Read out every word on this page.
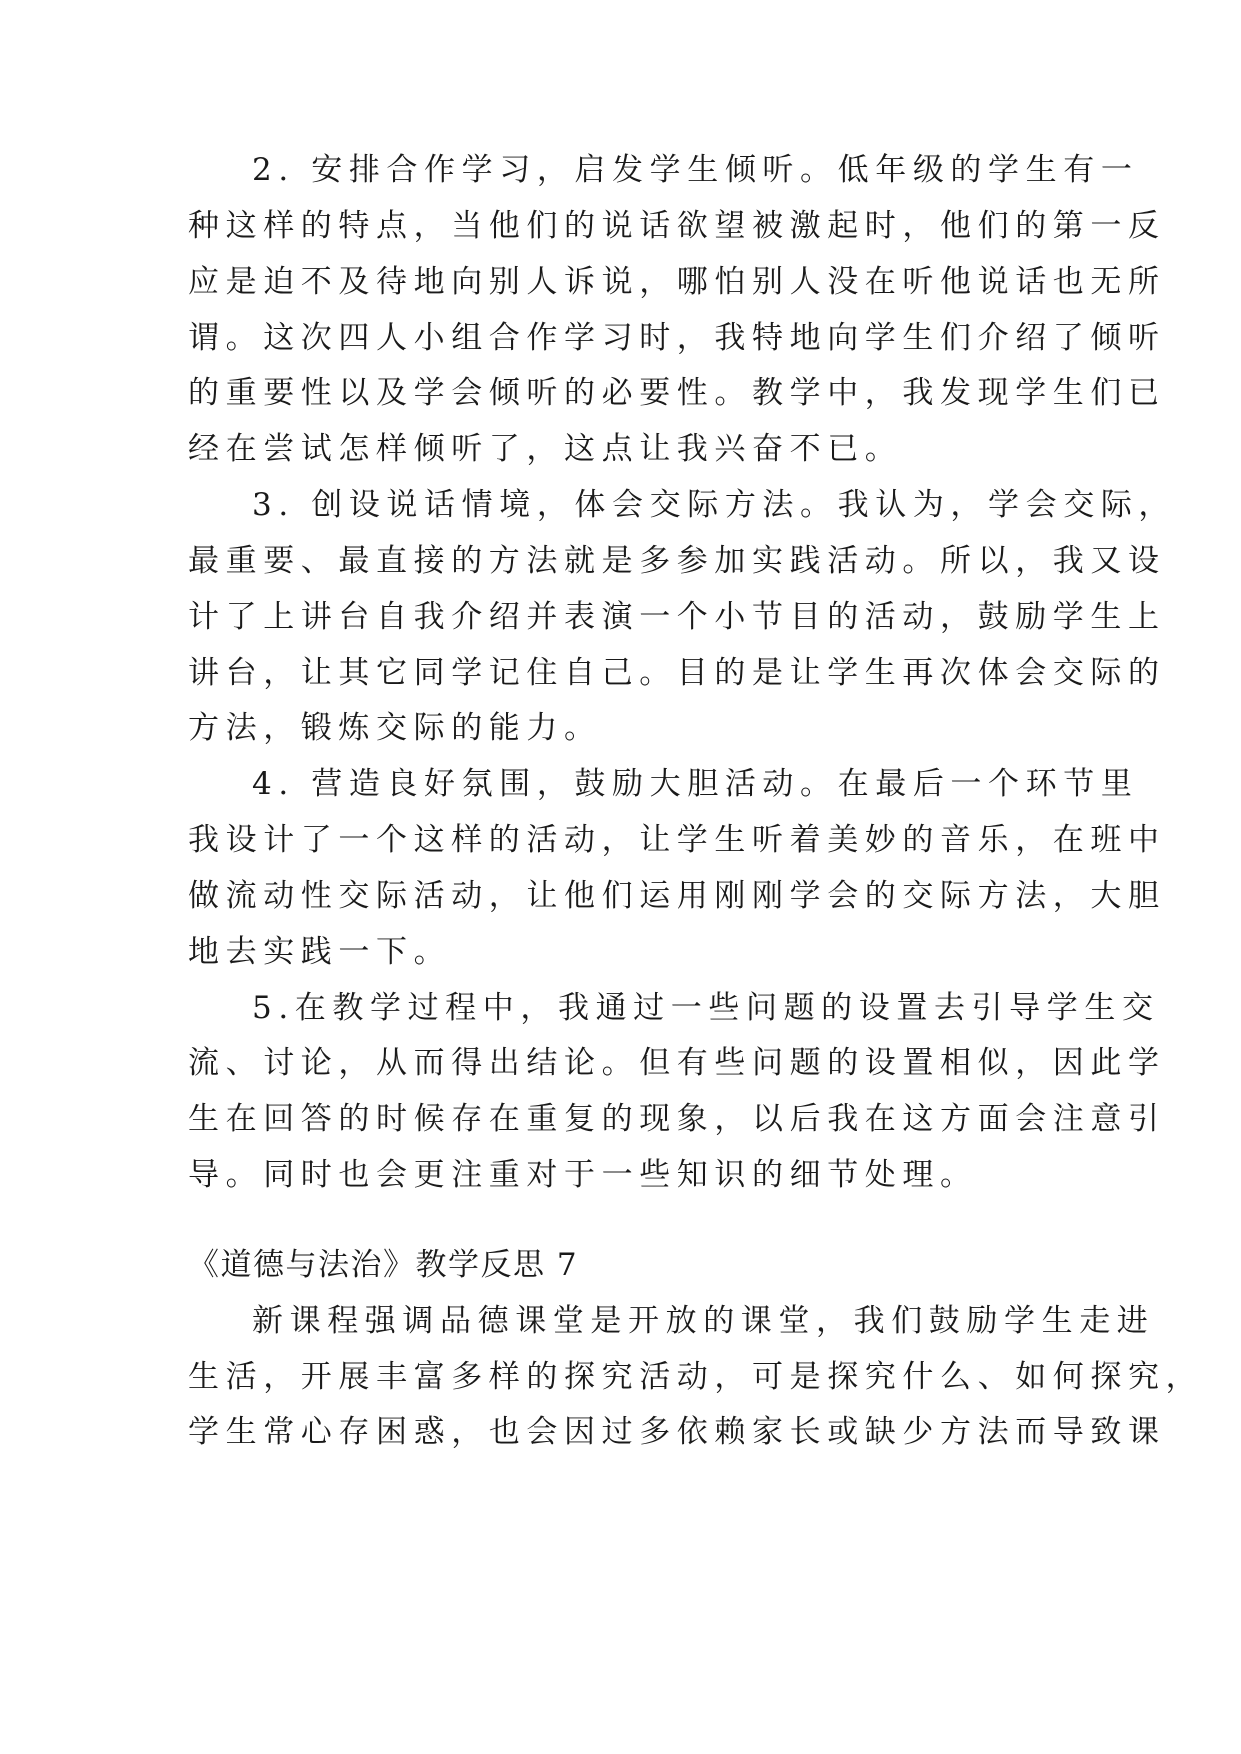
2. 安排合作学习，启发学生倾听。低年级的学生有一
种这样的特点，当他们的说话欲望被激起时，他们的第一反
应是迫不及待地向别人诉说，哪怕别人没在听他说话也无所
谓。这次四人小组合作学习时，我特地向学生们介绍了倾听
的重要性以及学会倾听的必要性。教学中，我发现学生们已
经在尝试怎样倾听了，这点让我兴奋不已。
3. 创设说话情境，体会交际方法。我认为，学会交际，
最重要、最直接的方法就是多参加实践活动。所以，我又设
计了上讲台自我介绍并表演一个小节目的活动，鼓励学生上
讲台，让其它同学记住自己。目的是让学生再次体会交际的
方法，锻炼交际的能力。
4. 营造良好氛围，鼓励大胆活动。在最后一个环节里
我设计了一个这样的活动，让学生听着美妙的音乐，在班中
做流动性交际活动，让他们运用刚刚学会的交际方法，大胆
地去实践一下。
5.在教学过程中，我通过一些问题的设置去引导学生交
流、讨论，从而得出结论。但有些问题的设置相似，因此学
生在回答的时候存在重复的现象，以后我在这方面会注意引
导。同时也会更注重对于一些知识的细节处理。
《道德与法治》教学反思 7
新课程强调品德课堂是开放的课堂，我们鼓励学生走进
生活，开展丰富多样的探究活动，可是探究什么、如何探究，
学生常心存困惑，也会因过多依赖家长或缺少方法而导致课
